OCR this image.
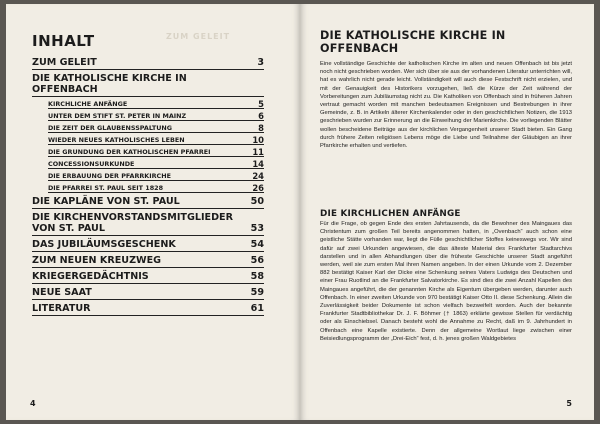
ZUM GELEIT
INHALT
ZUM GELEIT	3
DIE KATHOLISCHE KIRCHE IN OFFENBACH
KIRCHLICHE ANFÄNGE	5
UNTER DEM STIFT ST. PETER IN MAINZ	6
DIE ZEIT DER GLAUBENSSPALTUNG	8
WIEDER NEUES KATHOLISCHES LEBEN	10
DIE GRUNDUNG DER KATHOLISCHEN PFARREI	11
CONCESSIONSURKUNDE	14
DIE ERBAUUNG DER PFARRKIRCHE	24
DIE PFARREI ST. PAUL SEIT 1828	26
DIE KAPLÄNE VON ST. PAUL	50
DIE KIRCHENVORSTANDSMITGLIEDER VON ST. PAUL	53
DAS JUBILÄUMSGESCHENK	54
ZUM NEUEN KREUZWEG	56
KRIEGERGEDÄCHTNIS	58
NEUE SAAT	59
LITERATUR	61
4
DIE KATHOLISCHE KIRCHE IN OFFENBACH
Eine vollständige Geschichte der katholischen Kirche im alten und neuen Offenbach ist bis jetzt noch nicht geschrieben worden. Wer sich über sie aus der vorhandenen Literatur unterrichten will, hat es wahrlich nicht gerade leicht. Vollständigkeit will auch diese Festschrift nicht erzielen, und mit der Genauigkeit des Historikers vorzugehen, ließ die Kürze der Zeit während der Vorbereitungen zum Jubiläumstag nicht zu. Die Katholiken von Offenbach sind in früheren Jahren vertraut gemacht worden mit manchen bedeutsamen Ereignissen und Bestrebungen in ihrer Gemeinde, z. B. in Artikeln älterer Kirchenkalender oder in den geschichtlichen Notizen, die 1913 geschrieben wurden zur Erinnerung an die Einweihung der Marienkirche. Die vorliegenden Blätter wollen bescheidene Beiträge aus der kirchlichen Vergangenheit unserer Stadt bieten. Ein Gang durch frühere Zeiten religiösen Lebens möge die Liebe und Teilnahme der Gläubigen an ihrer Pfarrkirche erhalten und vertiefen.
DIE KIRCHLICHEN ANFÄNGE
Für die Frage, ob gegen Ende des ersten Jahrtausends, da die Bewohner des Maingaues das Christentum zum großen Teil bereits angenommen hatten, in „Ovenbach“ auch schon eine geistliche Stätte vorhanden war, liegt die Fülle geschichtlicher Stoffes keineswegs vor. Wir sind dafür auf zwei Urkunden angewiesen, die das älteste Material des Frankfurter Stadtarchivs darstellen und in allen Abhandlungen über die früheste Geschichte unserer Stadt angeführt werden, weil sie zum ersten Mal ihren Namen angeben. In der einen Urkunde vom 2. Dezember 882 bestätigt Kaiser Karl der Dicke eine Schenkung seines Vaters Ludwigs des Deutschen und einer Frau Ruotlind an die Frankfurter Salvatorkirche. Es sind dies die zwei Anzahl Kapellen des Maingaues angeführt, die der genannten Kirche als Eigentum übergeben werden, darunter auch Offenbach. In einer zweiten Urkunde von 970 bestätigt Kaiser Otto II. diese Schenkung. Allein die Zuverlässigkeit beider Dokumente ist schon vielfach bezweifelt worden. Auch der bekannte Frankfurter Stadtbibliothekar Dr. J. F. Böhmer († 1863) erklärte gewisse Stellen für verdächtig oder als Einschiebsel. Danach besteht wohl die Annahme zu Recht, daß im 9. Jahrhundert in Offenbach eine Kapelle existierte. Denn der allgemeine Wortlaut liege zwischen einer Beisiedlungsprogramm der „Drei-Eich“ fest, d. h. jenes großen Waldgebietes
5
